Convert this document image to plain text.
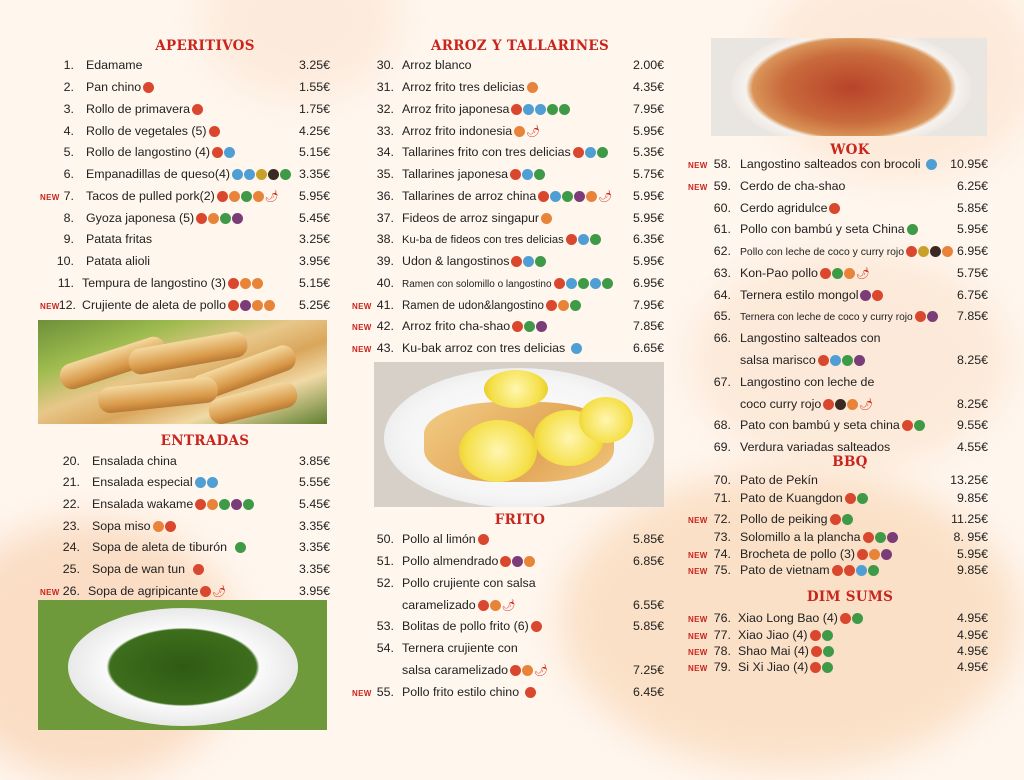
APERITIVOS
1. Edamame	3.25€
2. Pan chino	1.55€
3. Rollo de primavera	1.75€
4. Rollo de vegetales (5)	4.25€
5. Rollo de langostino (4)	5.15€
6. Empanadillas de queso(4)	3.35€
NEW 7. Tacos de pulled pork(2)	🌶 5.95€
8. Gyoza japonesa (5)	5.45€
9. Patata fritas	3.25€
10. Patata alioli	3.95€
11. Tempura de langostino (3)	5.15€
NEW 12. Crujiente de aleta de pollo	5.25€
ENTRADAS
20. Ensalada china	3.85€
21. Ensalada especial	5.55€
22. Ensalada wakame	5.45€
23. Sopa miso	3.35€
24. Sopa de aleta de tiburón	3.35€
25. Sopa de wan tun	3.35€
NEW 26. Sopa de agripicante 🌶	3.95€
ARROZ Y TALLARINES
30. Arroz blanco	2.00€
31. Arroz frito tres delicias	4.35€
32. Arroz frito japonesa	7.95€
33. Arroz frito indonesia 🌶	5.95€
34. Tallarines frito con tres delicias	5.35€
35. Tallarines japonesa	5.75€
36. Tallarines de arroz china	🌶 5.95€
37. Fideos de arroz singapur	5.95€
38. Ku-ba de fideos con tres delicias	6.35€
39. Udon & langostinos	5.95€
40. Ramen con solomillo o langostino	6.95€
NEW 41. Ramen de udon&langostino	7.95€
NEW 42. Arroz frito cha-shao	7.85€
NEW 43. Ku-bak arroz con tres delicias	6.65€
FRITO
50. Pollo al limón	5.85€
51. Pollo almendrado	6.85€
52. Pollo crujiente con salsa
caramelizado 🌶	6.55€
53. Bolitas de pollo frito (6)	5.85€
54. Ternera crujiente con
salsa caramelizado 🌶	7.25€
NEW 55. Pollo frito estilo chino	6.45€
WOK
NEW 58. Langostino salteados con brocoli	10.95€
NEW 59. Cerdo de cha-shao	6.25€
60. Cerdo agridulce	5.85€
61. Pollo con bambú y seta China	5.95€
62. Pollo con leche de coco y curry rojo	6.95€
63. Kon-Pao pollo	🌶	5.75€
64. Ternera estilo mongol	6.75€
65. Ternera con leche de coco y curry rojo	7.85€
66. Langostino salteados con
salsa marisco	8.25€
67. Langostino con leche de
coco curry rojo	🌶	8.25€
68. Pato con bambú y seta china	9.55€
69. Verdura variadas salteados	4.55€
BBQ
70. Pato de Pekín	13.25€
71. Pato de Kuangdon	9.85€
NEW 72. Pollo de peiking	11.25€
73. Solomillo a la plancha	8. 95€
NEW 74. Brocheta de pollo (3)	5.95€
NEW 75. Pato de vietnam	9.85€
DIM SUMS
NEW 76. Xiao Long Bao (4)	4.95€
NEW 77. Xiao Jiao (4)	4.95€
NEW 78. Shao Mai (4)	4.95€
NEW 79. Si Xi Jiao (4)	4.95€
